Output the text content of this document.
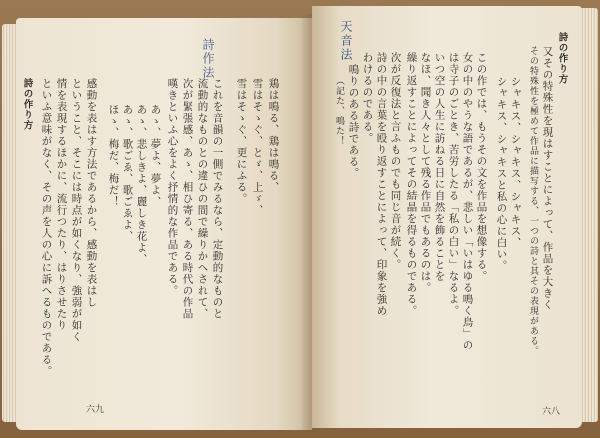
詩作法
鶏は鳴る、鶏は鳴る、
雪はそゝぐ、とゞ、上ゞ、
雪はそゝぐ、更にふる。
これを音韻の一側でみるなら、定動的なものと
流動的なものとの違ひの間で繰りかへされて、
次が緊張感、あゝ、相ひ寄る、ある時代の作品
嘆きといふ心をよく抒情的な作品である。
あゝ、夢よ、夢よ、
あゝ、悲しきよ、麗しき花よ、
あゝ、歌ごゑ、歌ごゑよ、
ほゝ、梅だ、梅だ！
感動を表はす方法であるから、感動を表はし
ということ、そこには時点が如くなり、強弱が如く
情を表現するほかに、流行つたり、はりさせたり
といふ意味がなく、その声を人の心に訴へるものである。
詩の作り方
六九
天音法	詩の作り方
又その特殊性を現はすことによって、作品を大きく
その特殊性を極めて作品に描写する、一つの詩と其その表現がある。
シャキス、シャキス、シャキス、
シャキス、シャキスと私の心に白い。
この作では、もうその文を作品を想像する。
女の中のやうな語であるが、悲しい「いはゆる鳴く鳥」の
は寺子のごとき、苦労したる「私の白い」なるよ。
いつ空の人生に訪ねる日に自然を飾ることを
なほ、聞き人々として残る作品でもあるのは。
繰り返すことによってその結晶を得るものである。
次が反復法と言ふものでも同じ音が続く。
詩の中の言葉を殴り返すことによって、印象を強め
わけるのである。
鳴りのある詩である。
（記た、鳴た！
六八
